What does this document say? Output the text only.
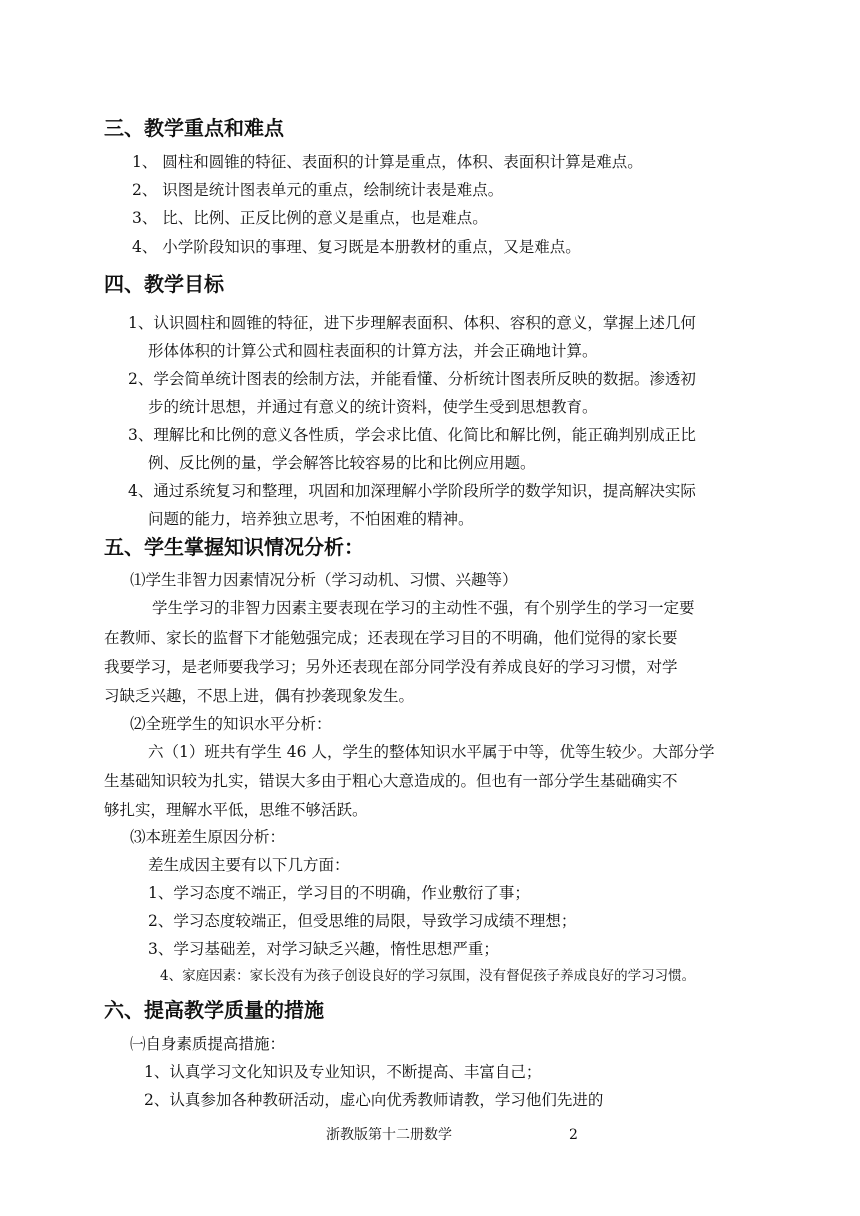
三、教学重点和难点
1、 圆柱和圆锥的特征、表面积的计算是重点，体积、表面积计算是难点。
2、 识图是统计图表单元的重点，绘制统计表是难点。
3、 比、比例、正反比例的意义是重点，也是难点。
4、 小学阶段知识的事理、复习既是本册教材的重点，又是难点。
四、教学目标
1、认识圆柱和圆锥的特征，进下步理解表面积、体积、容积的意义，掌握上述几何
形体体积的计算公式和圆柱表面积的计算方法，并会正确地计算。
2、学会简单统计图表的绘制方法，并能看懂、分析统计图表所反映的数据。渗透初
步的统计思想，并通过有意义的统计资料，使学生受到思想教育。
3、理解比和比例的意义各性质，学会求比值、化简比和解比例，能正确判别成正比
例、反比例的量，学会解答比较容易的比和比例应用题。
4、通过系统复习和整理，巩固和加深理解小学阶段所学的数学知识，提高解决实际
问题的能力，培养独立思考，不怕困难的精神。
五、学生掌握知识情况分析：
⑴学生非智力因素情况分析（学习动机、习惯、兴趣等）
学生学习的非智力因素主要表现在学习的主动性不强，有个别学生的学习一定要
在教师、家长的监督下才能勉强完成；还表现在学习目的不明确，他们觉得的家长要
我要学习，是老师要我学习；另外还表现在部分同学没有养成良好的学习习惯，对学
习缺乏兴趣，不思上进，偶有抄袭现象发生。
⑵全班学生的知识水平分析：
六（1）班共有学生 46 人，学生的整体知识水平属于中等，优等生较少。大部分学
生基础知识较为扎实，错误大多由于粗心大意造成的。但也有一部分学生基础确实不
够扎实，理解水平低，思维不够活跃。
⑶本班差生原因分析：
差生成因主要有以下几方面：
1、学习态度不端正，学习目的不明确，作业敷衍了事；
2、学习态度较端正，但受思维的局限，导致学习成绩不理想；
3、学习基础差，对学习缺乏兴趣，惰性思想严重；
4、家庭因素：家长没有为孩子创设良好的学习氛围，没有督促孩子养成良好的学习习惯。
六、提高教学质量的措施
㈠自身素质提高措施：
1、认真学习文化知识及专业知识，不断提高、丰富自己；
2、认真参加各种教研活动，虚心向优秀教师请教，学习他们先进的
浙教版第十二册数学	2
